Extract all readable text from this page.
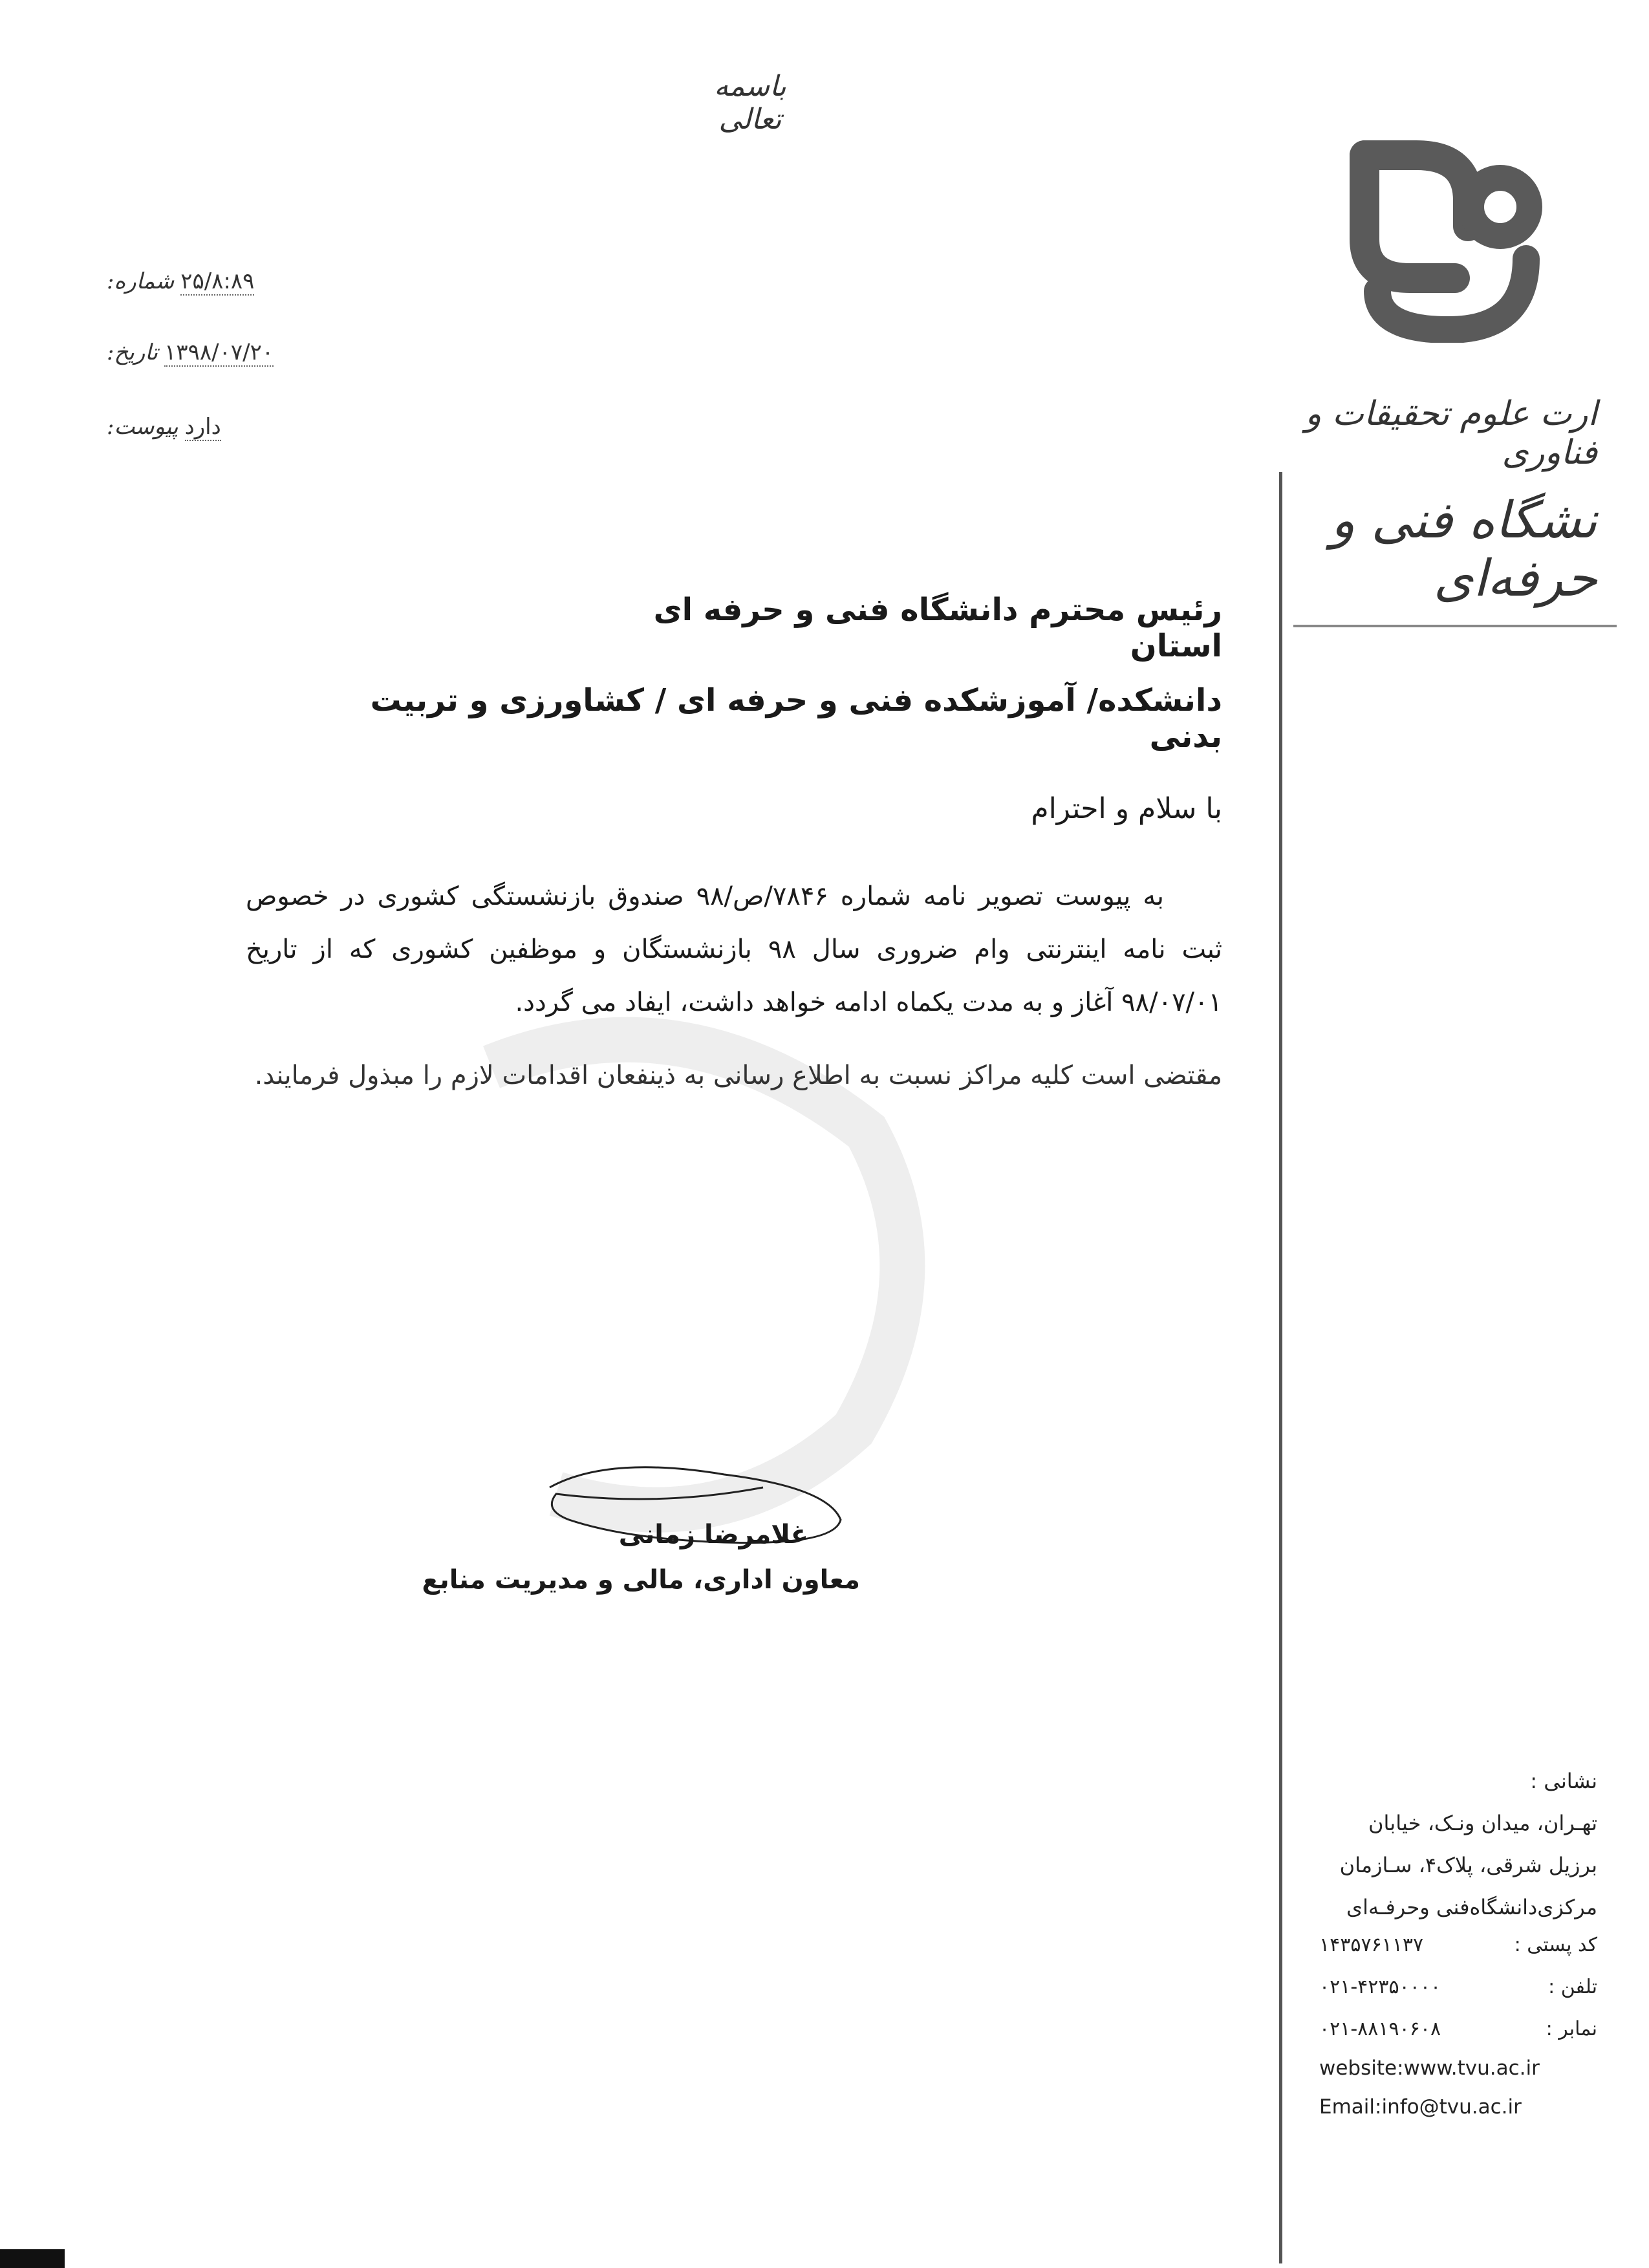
باسمه تعالی
شماره: ۲۵/۸:۸۹
تاریخ: ۱۳۹۸/۰۷/۲۰
پیوست: دارد	ارت علوم تحقیقات و فناوری
نشگاه فنی و حرفه‌ای
رئیس محترم دانشگاه فنی و حرفه ای استان
دانشکده/ آموزشکده فنی و حرفه ای / کشاورزی و تربیت بدنی
با سلام و احترام

به پیوست تصویر نامه شماره ۷۸۴۶/ص/۹۸ صندوق بازنشستگی کشوری در خصوص ثبت نامه اینترنتی وام ضروری سال ۹۸ بازنشستگان و موظفین کشوری که از تاریخ ۹۸/۰۷/۰۱ آغاز و به مدت یکماه ادامه خواهد داشت، ایفاد می گردد.

مقتضی است کلیه مراکز نسبت به اطلاع رسانی به ذینفعان اقدامات لازم را مبذول فرمایند.
غلامرضا زمانی
معاون اداری، مالی و مدیریت منابع
نشانی :
تهـران، میدان ونـک، خیابان
برزیل شرقی، پلاک۴، سـازمان
مرکزی‌دانشگاه‌فنی وحرفـه‌ای
کد پستی :
۱۴۳۵۷۶۱۱۳۷
تلفن :
۰۲۱-۴۲۳۵۰۰۰۰
نمابر :
۰۲۱-۸۸۱۹۰۶۰۸
website:www.tvu.ac.ir
Email:info@tvu.ac.ir
